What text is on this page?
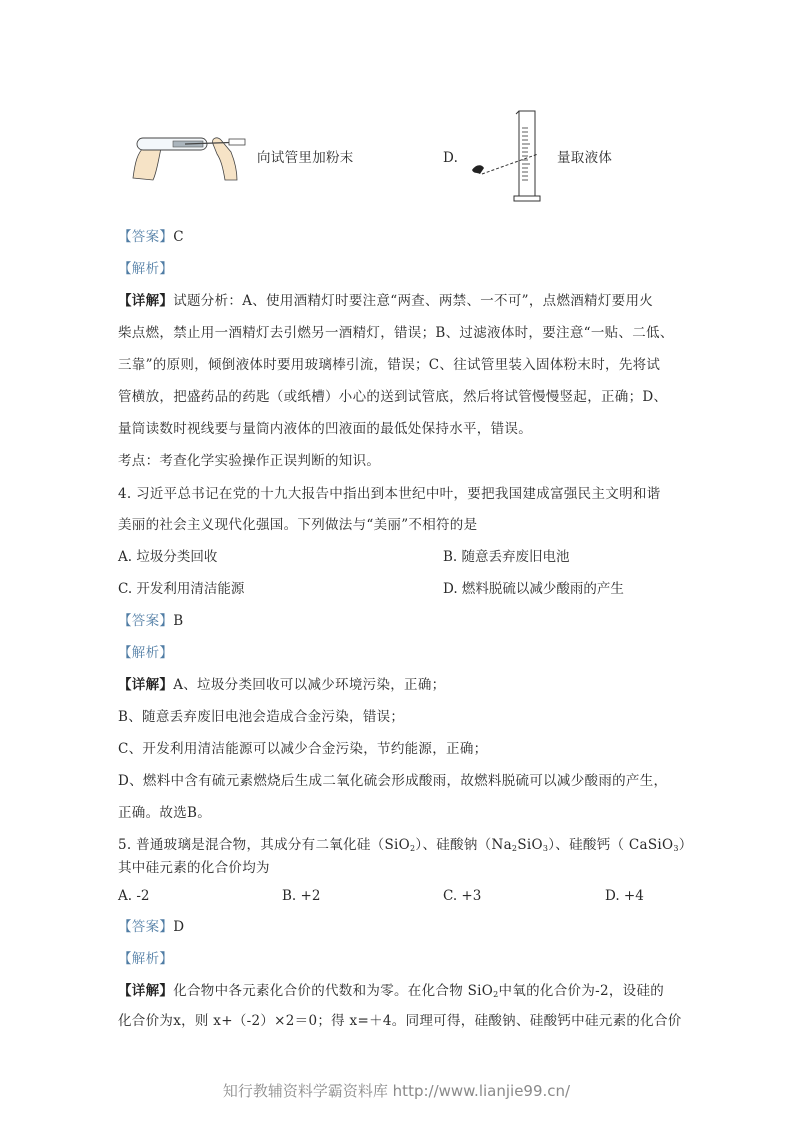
向试管里加粉末	D.	量取液体
【答案】C
【解析】
【详解】试题分析：A、使用酒精灯时要注意“两查、两禁、一不可”，点燃酒精灯要用火
柴点燃，禁止用一酒精灯去引燃另一酒精灯，错误；B、过滤液体时，要注意“一贴、二低、
三靠”的原则，倾倒液体时要用玻璃棒引流，错误；C、往试管里装入固体粉末时，先将试
管横放，把盛药品的药匙（或纸槽）小心的送到试管底，然后将试管慢慢竖起，正确；D、
量筒读数时视线要与量筒内液体的凹液面的最低处保持水平，错误。
考点：考查化学实验操作正误判断的知识。
4. 习近平总书记在党的十九大报告中指出到本世纪中叶，要把我国建成富强民主文明和谐
美丽的社会主义现代化强国。下列做法与“美丽”不相符的是
A. 垃圾分类回收	B. 随意丢弃废旧电池
C. 开发利用清洁能源	D. 燃料脱硫以减少酸雨的产生
【答案】B
【解析】
【详解】A、垃圾分类回收可以减少环境污染，正确；
B、随意丢弃废旧电池会造成合金污染，错误；
C、开发利用清洁能源可以减少合金污染，节约能源，正确；
D、燃料中含有硫元素燃烧后生成二氧化硫会形成酸雨，故燃料脱硫可以减少酸雨的产生，
正确。故选B。
5. 普通玻璃是混合物，其成分有二氧化硅（SiO$_2$）、硅酸钠$(Na_2SiO_3)$、硅酸钙（ CaSiO$_3$）
其中硅元素的化合价均为
A. -2	B. +2	C. +3	D. +4
【答案】D
【解析】
【详解】化合物中各元素化合价的代数和为零。在化合物 SiO$_2$中氧的化合价为-2，设硅的
化合价为x，则 x+（-2）×2＝0；得 x=＋4。同理可得，硅酸钠、硅酸钙中硅元素的化合价
知行教辅资料学霸资料库 http://www.lianjie99.cn/
